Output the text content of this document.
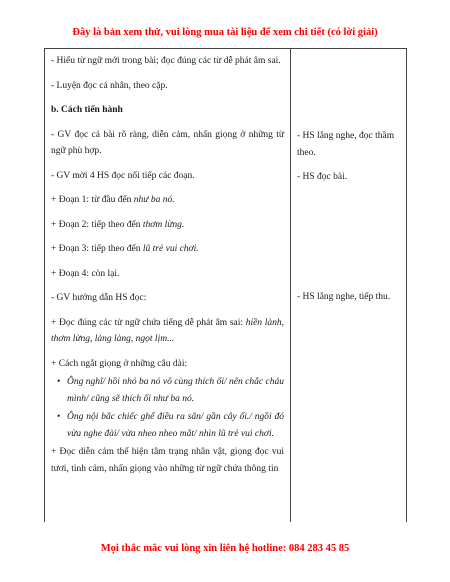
Đây là bản xem thử, vui lòng mua tài liệu để xem chi tiết (có lời giải)

- Hiểu từ ngữ mới trong bài; đọc đúng các từ dễ phát âm sai.

- Luyện đọc cá nhân, theo cặp.

b. Cách tiến hành

- GV đọc cả bài rõ ràng, diễn cảm, nhấn giọng ở những từ ngữ phù hợp.

- GV mời 4 HS đọc nối tiếp các đoạn.

+ Đoạn 1: từ đầu đến như ba nó.

+ Đoạn 2: tiếp theo đến thơm lừng.

+ Đoạn 3: tiếp theo đến lũ trẻ vui chơi.

+ Đoạn 4: còn lại.

- GV hướng dẫn HS đọc:

+ Đọc đúng các từ ngữ chứa tiếng dễ phát âm sai: hiền lành, thơm lừng, làng làng, ngọt lịm...

+ Cách ngắt giọng ở những câu dài:

• Ông nghĩ/ hồi nhỏ ba nó vô cùng thích ổi/ nên chắc cháu mình/ cũng sẽ thích ổi như ba nó.
• Ông nội bắc chiếc ghế điều ra sân/ gần cây ổi./ ngồi đó vừa nghe đài/ vừa nheo nheo mắt/ nhìn lũ trẻ vui chơi.

+ Đọc diễn cảm thể hiện tâm trạng nhân vật, giọng đọc vui tươi, tình cảm, nhấn giọng vào những từ ngữ chứa thông tin

- HS lắng nghe, đọc thầm theo.
- HS đọc bài.
- HS lắng nghe, tiếp thu.
Mọi thắc mắc vui lòng xin liên hệ hotline: 084 283 45 85
